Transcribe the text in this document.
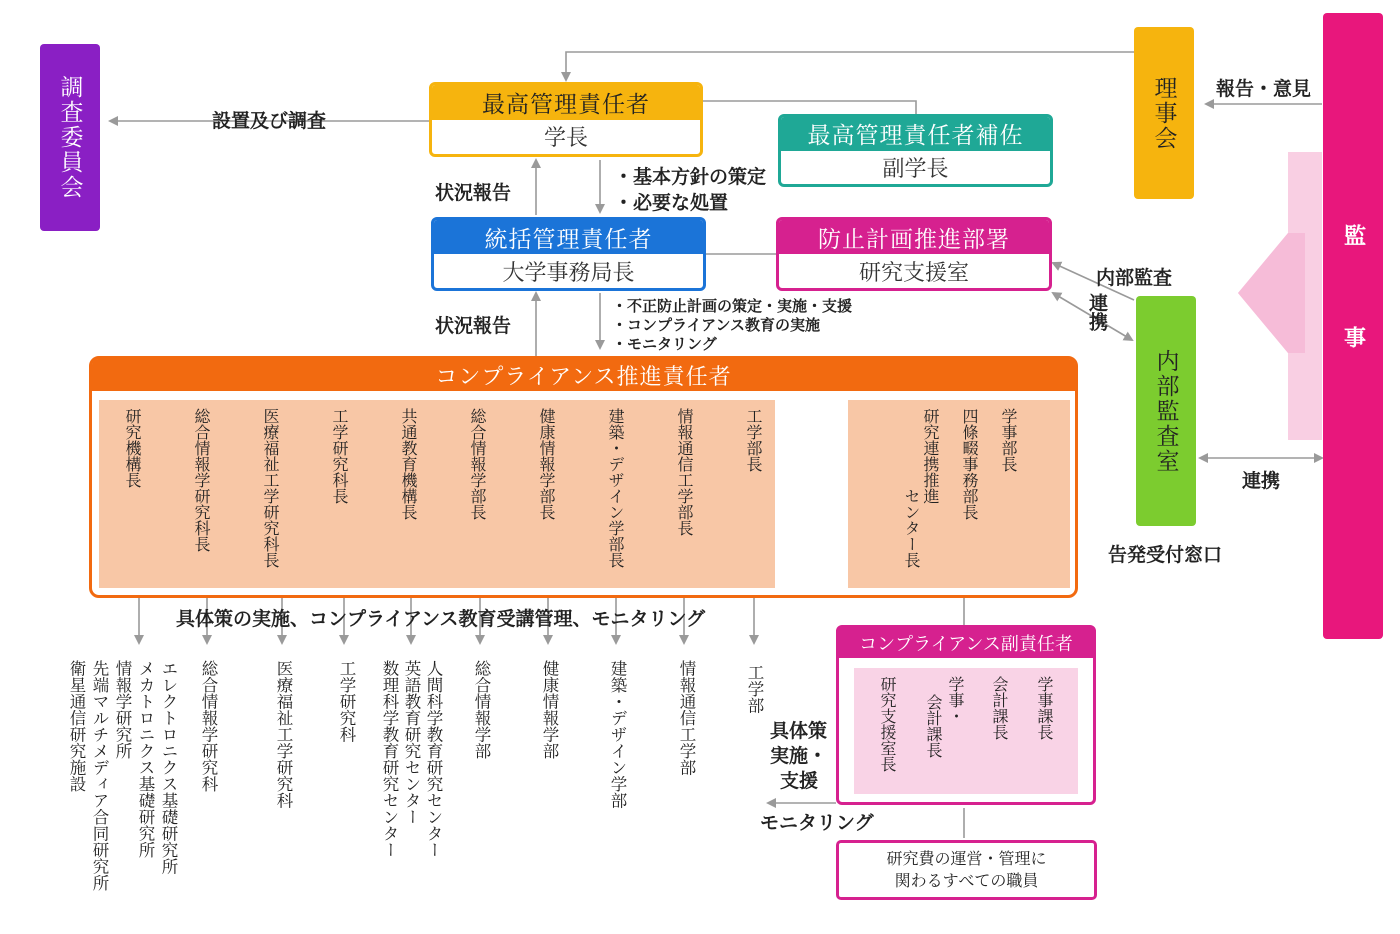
調査委員会	理事会
監事
最高管理責任者
学長	最高管理責任者補佐
副学長
統括管理責任者
大学事務局長
防止計画推進部署
研究支援室
内部監査室
告発受付窓口
設置及び調査
報告・意見
状況報告
・基本方針の策定
・必要な処置
状況報告
・不正防止計画の策定・実施・支援
・コンプライアンス教育の実施
・モニタリング
内部監査
連携
連携
コンプライアンス推進責任者
研究機構長	総合情報学研究科長	医療福祉工学研究科長	工学研究科長	共通教育機構長	総合情報学部長	健康情報学部長	建築・デザイン学部長	情報通信工学部長	工学部長	学事部長
四條畷事務部長
研究連携推進
センター長
具体策の実施、コンプライアンス教育受講管理、モニタリング
衛星通信研究施設 先端マルチメディア合同研究所 情報学研究所 メカトロニクス基礎研究所 エレクトロニクス基礎研究所 総合情報学研究科	医療福祉工学研究科	工学研究科 数理科学教育研究センター 英語教育研究センター 人間科学教育研究センター 総合情報学部	健康情報学部	建築・デザイン学部	情報通信工学部	工学部
具体策
実施・
支援
モニタリング
コンプライアンス副責任者
学事課長
会計課長
学事・
会計課長
研究支援室長
研究費の運営・管理に
関わるすべての職員
